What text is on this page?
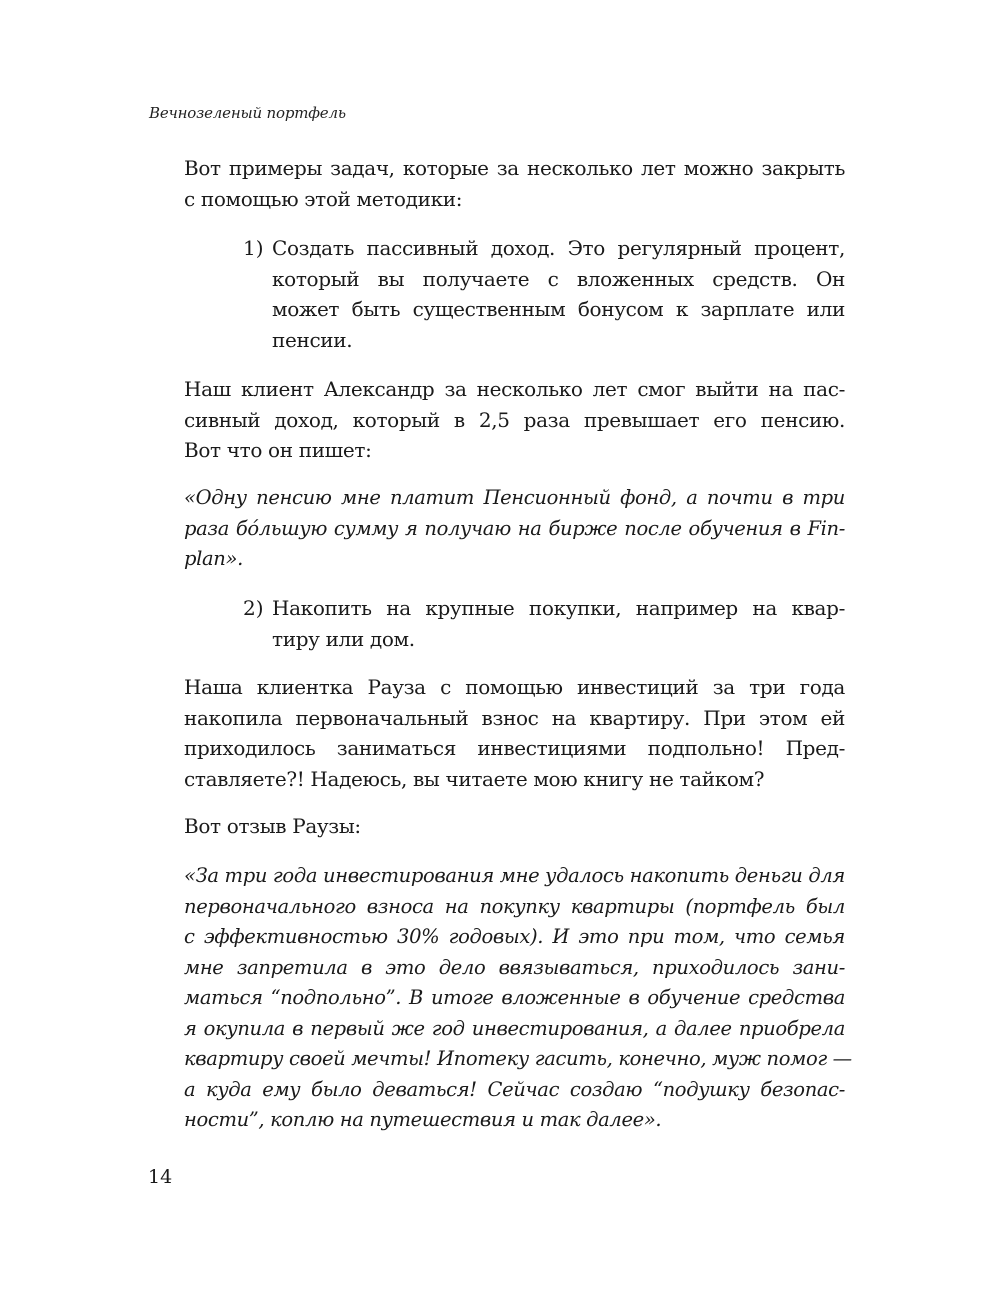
Вечнозеленый портфель
Вот примеры задач, которые за несколько лет можно закрыть
с помощью этой методики:
1) Создать пассивный доход. Это регулярный процент,
который вы получаете с вложенных средств. Он
может быть существенным бонусом к зарплате или
пенсии.
Наш клиент Александр за несколько лет смог выйти на пас-
сивный доход, который в 2,5 раза превышает его пенсию.
Вот что он пишет:
«Одну пенсию мне платит Пенсионный фонд, а почти в три
раза бóльшую сумму я получаю на бирже после обучения в Fin-
plan».
2) Накопить на крупные покупки, например на квар-
тиру или дом.
Наша клиентка Рауза с помощью инвестиций за три года
накопила первоначальный взнос на квартиру. При этом ей
приходилось заниматься инвестициями подпольно! Пред-
ставляете?! Надеюсь, вы читаете мою книгу не тайком?
Вот отзыв Раузы:
«За три года инвестирования мне удалось накопить деньги для
первоначального взноса на покупку квартиры (портфель был
с эффективностью 30% годовых). И это при том, что семья
мне запретила в это дело ввязываться, приходилось зани-
маться “подпольно”. В итоге вложенные в обучение средства
я окупила в первый же год инвестирования, а далее приобрела
квартиру своей мечты! Ипотеку гасить, конечно, муж помог —
а куда ему было деваться! Сейчас создаю “подушку безопас-
ности”, коплю на путешествия и так далее».
14
